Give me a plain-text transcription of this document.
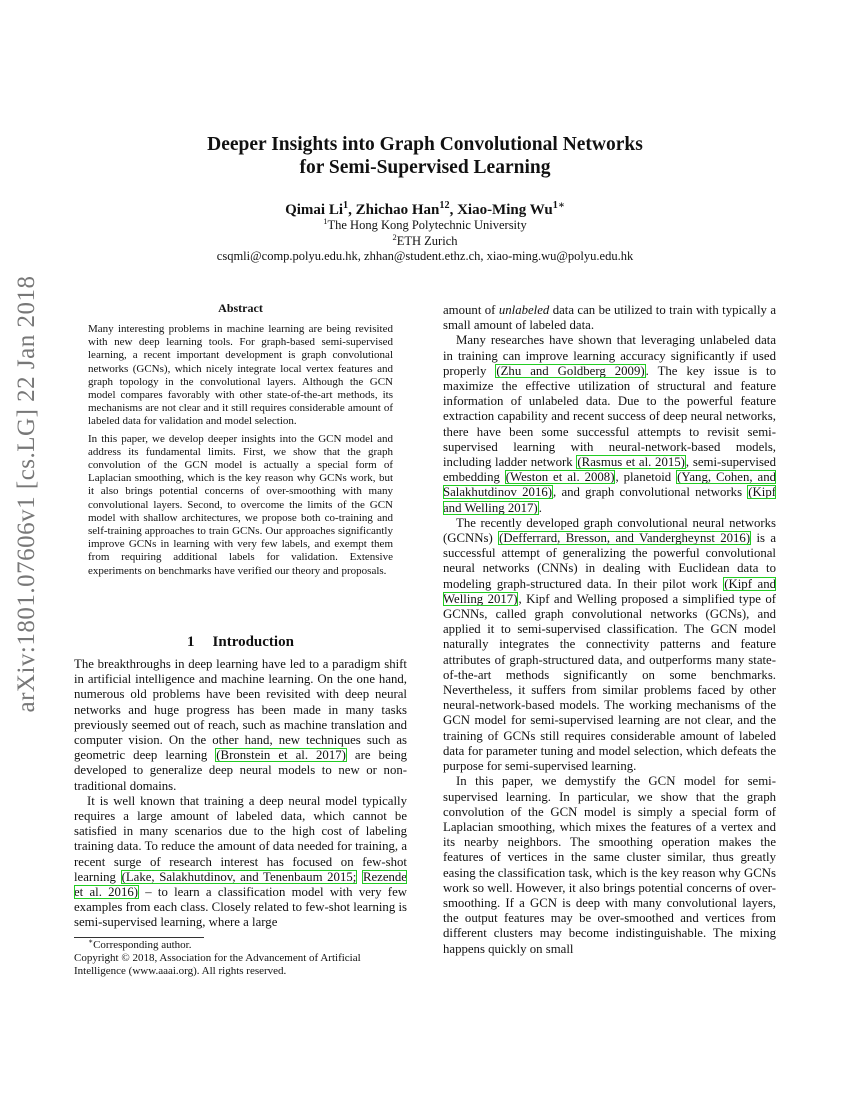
arXiv:1801.07606v1 [cs.LG] 22 Jan 2018
Deeper Insights into Graph Convolutional Networks
for Semi-Supervised Learning
Qimai Li$^1$, Zhichao Han$^{12}$, Xiao-Ming $Wu^{1∗}$
$^1$The Hong Kong Polytechnic University
$^2$ETH Zurich
csqmli@comp.polyu.edu.hk, zhhan@student.ethz.ch, xiao-ming.wu@polyu.edu.hk
Abstract

Many interesting problems in machine learning are being revisited with new deep learning tools. For graph-based semi-supervised learning, a recent important development is graph convolutional networks (GCNs), which nicely integrate local vertex features and graph topology in the convolutional layers. Although the GCN model compares favorably with other state-of-the-art methods, its mechanisms are not clear and it still requires considerable amount of labeled data for validation and model selection.

In this paper, we develop deeper insights into the GCN model and address its fundamental limits. First, we show that the graph convolution of the GCN model is actually a special form of Laplacian smoothing, which is the key reason why GCNs work, but it also brings potential concerns of over-smoothing with many convolutional layers. Second, to overcome the limits of the GCN model with shallow architectures, we propose both co-training and self-training approaches to train GCNs. Our approaches significantly improve GCNs in learning with very few labels, and exempt them from requiring additional labels for validation. Extensive experiments on benchmarks have verified our theory and proposals.

1 Introduction

The breakthroughs in deep learning have led to a paradigm shift in artificial intelligence and machine learning. On the one hand, numerous old problems have been revisited with deep neural networks and huge progress has been made in many tasks previously seemed out of reach, such as machine translation and computer vision. On the other hand, new techniques such as geometric deep learning (Bronstein et al. 2017) are being developed to generalize deep neural models to new or non-traditional domains.

It is well known that training a deep neural model typically requires a large amount of labeled data, which cannot be satisfied in many scenarios due to the high cost of labeling training data. To reduce the amount of data needed for training, a recent surge of research interest has focused on few-shot learning (Lake, Salakhutdinov, and Tenenbaum 2015; Rezende et al. 2016) – to learn a classification model with very few examples from each class. Closely related to few-shot learning is semi-supervised learning, where a large

amount of unlabeled data can be utilized to train with typically a small amount of labeled data.

Many researches have shown that leveraging unlabeled data in training can improve learning accuracy significantly if used properly (Zhu and Goldberg 2009). The key issue is to maximize the effective utilization of structural and feature information of unlabeled data. Due to the powerful feature extraction capability and recent success of deep neural networks, there have been some successful attempts to revisit semi-supervised learning with neural-network-based models, including ladder network (Rasmus et al. 2015), semi-supervised embedding (Weston et al. 2008), planetoid (Yang, Cohen, and Salakhutdinov 2016), and graph convolutional networks (Kipf and Welling 2017).

The recently developed graph convolutional neural networks (GCNNs) (Defferrard, Bresson, and Vandergheynst 2016) is a successful attempt of generalizing the powerful convolutional neural networks (CNNs) in dealing with Euclidean data to modeling graph-structured data. In their pilot work (Kipf and Welling 2017), Kipf and Welling proposed a simplified type of GCNNs, called graph convolutional networks (GCNs), and applied it to semi-supervised classification. The GCN model naturally integrates the connectivity patterns and feature attributes of graph-structured data, and outperforms many state-of-the-art methods significantly on some benchmarks. Nevertheless, it suffers from similar problems faced by other neural-network-based models. The working mechanisms of the GCN model for semi-supervised learning are not clear, and the training of GCNs still requires considerable amount of labeled data for parameter tuning and model selection, which defeats the purpose for semi-supervised learning.

In this paper, we demystify the GCN model for semi-supervised learning. In particular, we show that the graph convolution of the GCN model is simply a special form of Laplacian smoothing, which mixes the features of a vertex and its nearby neighbors. The smoothing operation makes the features of vertices in the same cluster similar, thus greatly easing the classification task, which is the key reason why GCNs work so well. However, it also brings potential concerns of over-smoothing. If a GCN is deep with many convolutional layers, the output features may be over-smoothed and vertices from different clusters may become indistinguishable. The mixing happens quickly on small

∗Corresponding author.
Copyright © 2018, Association for the Advancement of Artificial Intelligence (www.aaai.org). All rights reserved.
